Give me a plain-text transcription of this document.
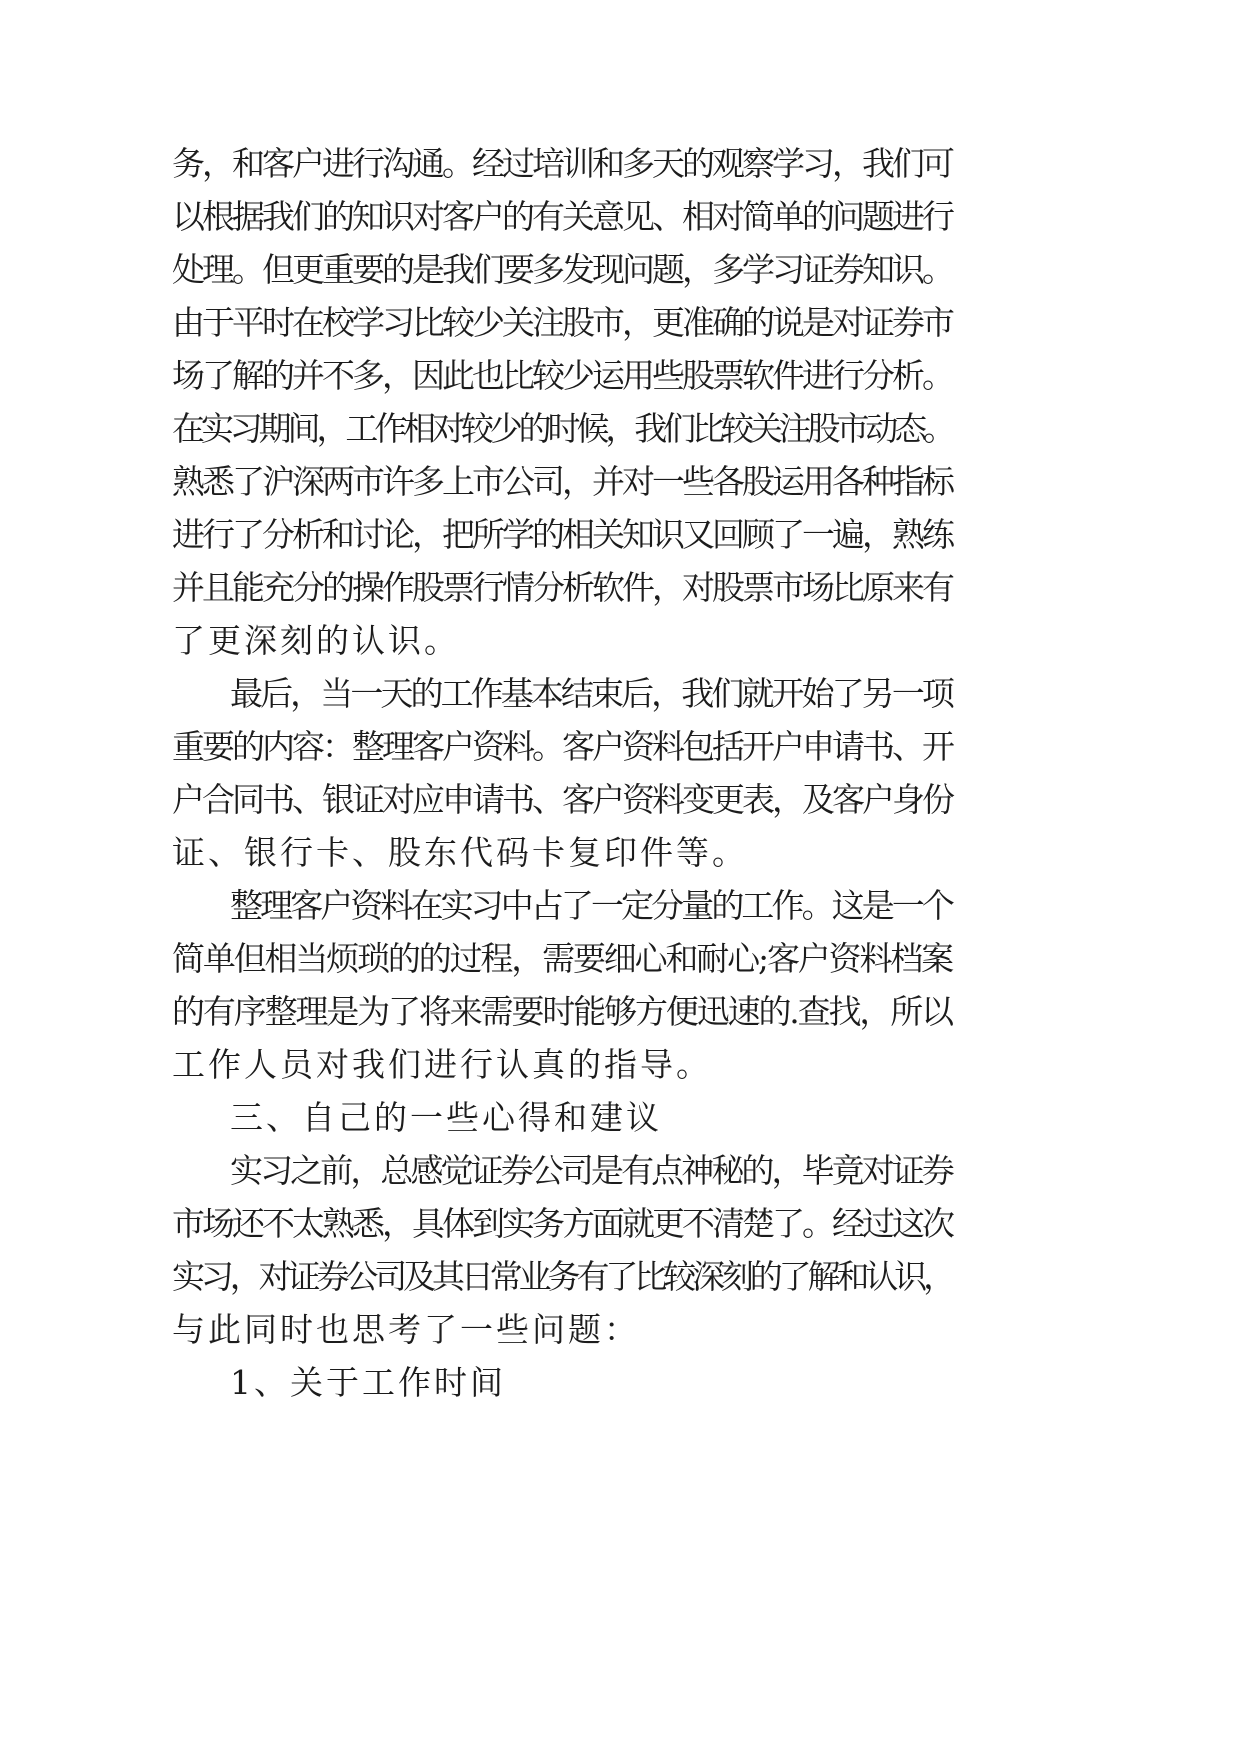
务，和客户进行沟通。经过培训和多天的观察学习，我们可
以根据我们的知识对客户的有关意见、相对简单的问题进行
处理。但更重要的是我们要多发现问题，多学习证券知识。
由于平时在校学习比较少关注股市，更准确的说是对证券市
场了解的并不多，因此也比较少运用些股票软件进行分析。
在实习期间，工作相对较少的时候，我们比较关注股市动态。
熟悉了沪深两市许多上市公司，并对一些各股运用各种指标
进行了分析和讨论，把所学的相关知识又回顾了一遍，熟练
并且能充分的操作股票行情分析软件，对股票市场比原来有
了更深刻的认识。
最后，当一天的工作基本结束后，我们就开始了另一项
重要的内容：整理客户资料。客户资料包括开户申请书、开
户合同书、银证对应申请书、客户资料变更表，及客户身份
证、银行卡、股东代码卡复印件等。
整理客户资料在实习中占了一定分量的工作。这是一个
简单但相当烦琐的的过程，需要细心和耐心;客户资料档案
的有序整理是为了将来需要时能够方便迅速的.查找，所以
工作人员对我们进行认真的指导。
三、自己的一些心得和建议
实习之前，总感觉证券公司是有点神秘的，毕竟对证券
市场还不太熟悉，具体到实务方面就更不清楚了。经过这次
实习，对证券公司及其日常业务有了比较深刻的了解和认识，
与此同时也思考了一些问题：
1、关于工作时间
